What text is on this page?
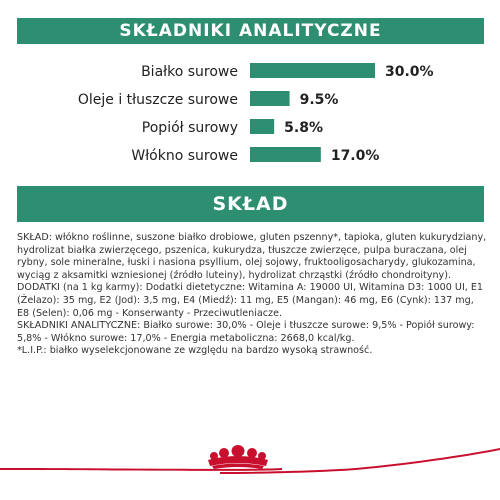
SKŁADNIKI ANALITYCZNE
Białko surowe	30.0%
Oleje i tłuszcze surowe	9.5%
Popiół surowy	5.8%
Włókno surowe	17.0%
SKŁAD

SKŁAD: włókno roślinne, suszone białko drobiowe, gluten pszenny*, tapioka, gluten kukurydziany, hydrolizat białka zwierzęcego, pszenica, kukurydza, tłuszcze zwierzęce, pulpa buraczana, olej rybny, sole mineralne, łuski i nasiona psyllium, olej sojowy, fruktooligosacharydy, glukozamina, wyciąg z aksamitki wzniesionej (źródło luteiny), hydrolizat chrząstki (źródło chondroityny).

DODATKI (na 1 kg karmy): Dodatki dietetyczne: Witamina A: 19000 UI, Witamina D3: 1000 UI, E1 (Żelazo): 35 mg, E2 (Jod): 3,5 mg, E4 (Miedź): 11 mg, E5 (Mangan): 46 mg, E6 (Cynk): 137 mg, E8 (Selen): 0,06 mg - Konserwanty - Przeciwutleniacze.

SKŁADNIKI ANALITYCZNE: Białko surowe: 30,0% - Oleje i tłuszcze surowe: 9,5% - Popiół surowy: 5,8% - Włókno surowe: 17,0% - Energia metaboliczna: 2668,0 kcal/kg.

*L.I.P.: białko wyselekcjonowane ze względu na bardzo wysoką strawność.
